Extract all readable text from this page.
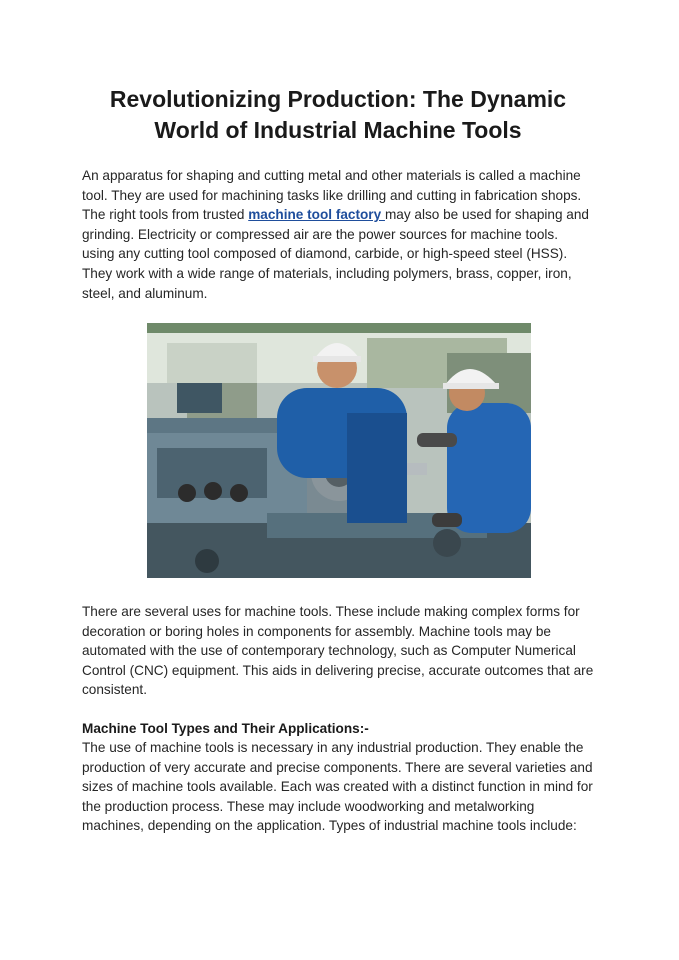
Revolutionizing Production: The Dynamic World of Industrial Machine Tools

An apparatus for shaping and cutting metal and other materials is called a machine tool. They are used for machining tasks like drilling and cutting in fabrication shops. The right tools from trusted machine tool factory may also be used for shaping and grinding. Electricity or compressed air are the power sources for machine tools. using any cutting tool composed of diamond, carbide, or high-speed steel (HSS). They work with a wide range of materials, including polymers, brass, copper, iron, steel, and aluminum.

There are several uses for machine tools. These include making complex forms for decoration or boring holes in components for assembly. Machine tools may be automated with the use of contemporary technology, such as Computer Numerical Control (CNC) equipment. This aids in delivering precise, accurate outcomes that are consistent.

Machine Tool Types and Their Applications:-

The use of machine tools is necessary in any industrial production. They enable the production of very accurate and precise components. There are several varieties and sizes of machine tools available. Each was created with a distinct function in mind for the production process. These may include woodworking and metalworking machines, depending on the application. Types of industrial machine tools include:
